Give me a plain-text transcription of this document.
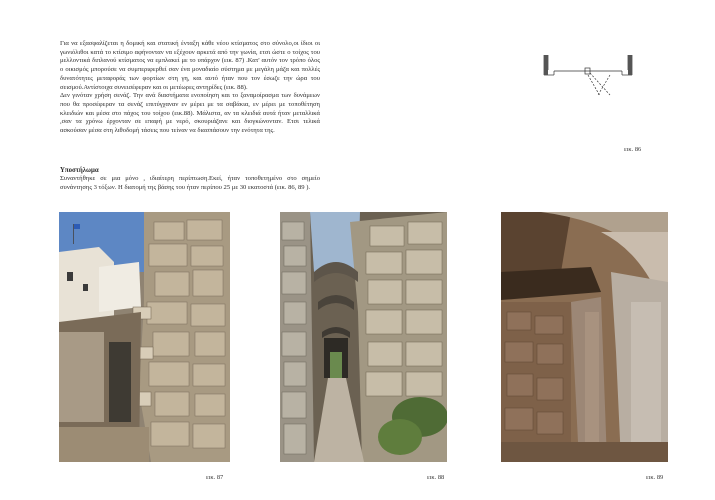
Για να εξασφαλίζεται η δομική και στατική ένταξη κάθε νέου κτίσματος στο σύνολο,οι ίδιοι οι γωνιόλιθοι κατά το κτίσιμο αφήνονταν να εξέχουν αρκετά από την γωνία, ετσι ώστε ο τοίχος του μελλοντικά διπλανού κτίσματος να εμπλακεί με το υπάρχον (εικ. 87) .Κατ' αυτόν τον τρόπο όλος ο οικισμός μπορούσε να συμπεριφερθεί σαν ένα μοναδιαίο σύστημα με μεγάλη μάζα και πολλές δυνατότητες μεταφοράς των φορτίων στη γη, και αυτό ήταν που τον έσωζε την ώρα του σεισμού.Αντίστοιχα συνεισέφεραν και οι μετέωρες αντηρίδες (εικ. 88).

Δεν γινόταν χρήση σενάζ. Την ανά διαστήματα ενοποίηση και το ξαναμοίρασμα των δυνάμεων που θα προσέφεραν τα σενάζ επιτύγχαναν εν μέρει με τα σαβάκια, εν μέρει με τοποθέτηση κλειδιών και μέσα στο πάχος του τοίχου (εικ.88). Μάλιστα, αν τα κλειδιά αυτά ήταν μεταλλικά ,σαν τα χρόνω έρχονταν σε επαφή με νερό, σκουριάζανε και διογκώνονταν. Ετσι τελικά ασκούσαν μέσα στη λιθοδομή τάσεις που τείναν να διασπάσουν την ενότητα της.

Υποστήλωμα

Συναντήθηκε σε μια μόνο , ιδιαίτερη περίπτωση.Εκεί, ήταν τοποθετημένο στο σημείο συνάντησης 3 τόξων. Η διατομή της βάσης του ήταν περίπου 25 με 30 εκατοστά (εικ. 86, 89 ).

εικ. 86
εικ. 87	εικ. 88	εικ. 89
